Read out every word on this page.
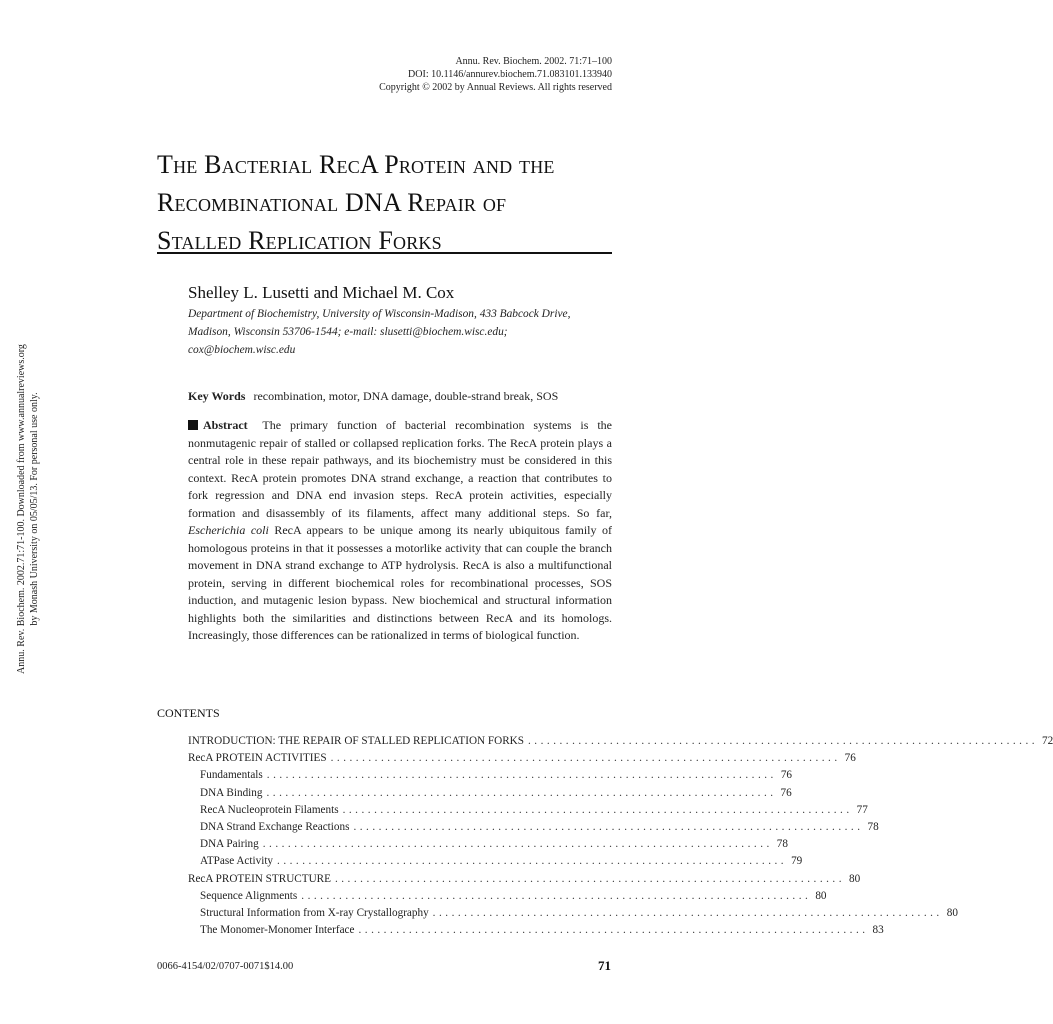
Annu. Rev. Biochem. 2002. 71:71–100
DOI: 10.1146/annurev.biochem.71.083101.133940
Copyright © 2002 by Annual Reviews. All rights reserved
The Bacterial RecA Protein and the
Recombinational DNA Repair of
Stalled Replication Forks
Shelley L. Lusetti and Michael M. Cox
Department of Biochemistry, University of Wisconsin-Madison, 433 Babcock Drive, Madison, Wisconsin 53706-1544; e-mail: slusetti@biochem.wisc.edu; cox@biochem.wisc.edu
Key Words recombination, motor, DNA damage, double-strand break, SOS
Abstract The primary function of bacterial recombination systems is the nonmutagenic repair of stalled or collapsed replication forks. The RecA protein plays a central role in these repair pathways, and its biochemistry must be considered in this context. RecA protein promotes DNA strand exchange, a reaction that contributes to fork regression and DNA end invasion steps. RecA protein activities, especially formation and disassembly of its filaments, affect many additional steps. So far, Escherichia coli RecA appears to be unique among its nearly ubiquitous family of homologous proteins in that it possesses a motorlike activity that can couple the branch movement in DNA strand exchange to ATP hydrolysis. RecA is also a multifunctional protein, serving in different biochemical roles for recombinational processes, SOS induction, and mutagenic lesion bypass. New biochemical and structural information highlights both the similarities and distinctions between RecA and its homologs. Increasingly, those differences can be rationalized in terms of biological function.
CONTENTS
INTRODUCTION: THE REPAIR OF STALLED REPLICATION FORKS ................................................................................. 72
RecA PROTEIN ACTIVITIES ................................................................................. 76
Fundamentals ................................................................................. 76
DNA Binding ................................................................................. 76
RecA Nucleoprotein Filaments ................................................................................. 77
DNA Strand Exchange Reactions ................................................................................. 78
DNA Pairing ................................................................................. 78
ATPase Activity ................................................................................. 79
RecA PROTEIN STRUCTURE ................................................................................. 80
Sequence Alignments ................................................................................. 80
Structural Information from X-ray Crystallography ................................................................................. 80
The Monomer-Monomer Interface ................................................................................. 83
0066-4154/02/0707-0071$14.00	71
Annu. Rev. Biochem. 2002.71:71-100. Downloaded from www.annualreviews.org by Monash University on 05/05/13. For personal use only.
